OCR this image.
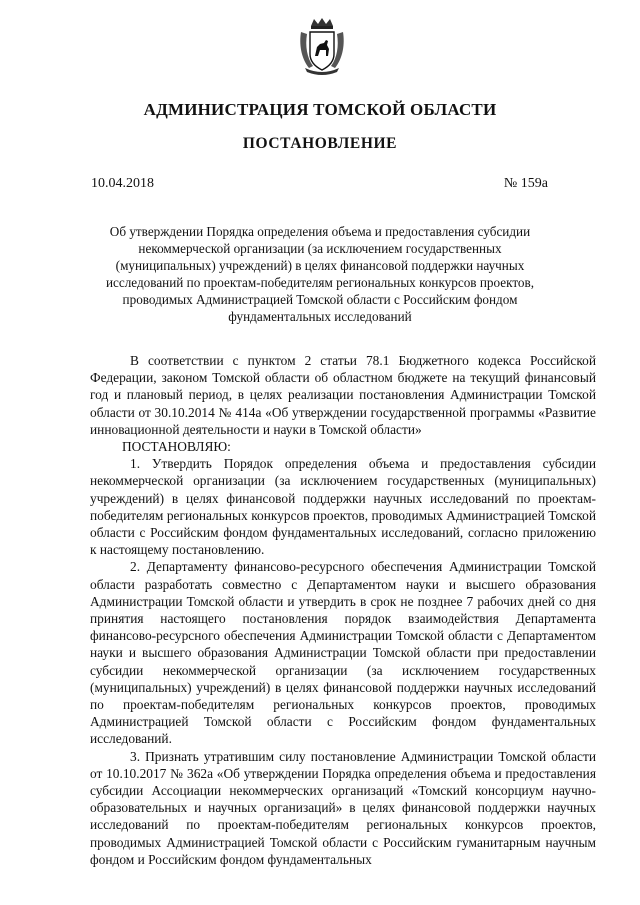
АДМИНИСТРАЦИЯ ТОМСКОЙ ОБЛАСТИ
ПОСТАНОВЛЕНИЕ
10.04.2018	№ 159а
Об утверждении Порядка определения объема и предоставления субсидии некоммерческой организации (за исключением государственных (муниципальных) учреждений) в целях финансовой поддержки научных исследований по проектам-победителям региональных конкурсов проектов, проводимых Администрацией Томской области с Российским фондом фундаментальных исследований

В соответствии с пунктом 2 статьи 78.1 Бюджетного кодекса Российской Федерации, законом Томской области об областном бюджете на текущий финансовый год и плановый период, в целях реализации постановления Администрации Томской области от 30.10.2014 № 414а «Об утверждении государственной программы «Развитие инновационной деятельности и науки в Томской области»

ПОСТАНОВЛЯЮ:

1. Утвердить Порядок определения объема и предоставления субсидии некоммерческой организации (за исключением государственных (муниципальных) учреждений) в целях финансовой поддержки научных исследований по проектам-победителям региональных конкурсов проектов, проводимых Администрацией Томской области с Российским фондом фундаментальных исследований, согласно приложению к настоящему постановлению.

2. Департаменту финансово-ресурсного обеспечения Администрации Томской области разработать совместно с Департаментом науки и высшего образования Администрации Томской области и утвердить в срок не позднее 7 рабочих дней со дня принятия настоящего постановления порядок взаимодействия Департамента финансово-ресурсного обеспечения Администрации Томской области с Департаментом науки и высшего образования Администрации Томской области при предоставлении субсидии некоммерческой организации (за исключением государственных (муниципальных) учреждений) в целях финансовой поддержки научных исследований по проектам-победителям региональных конкурсов проектов, проводимых Администрацией Томской области с Российским фондом фундаментальных исследований.

3. Признать утратившим силу постановление Администрации Томской области от 10.10.2017 № 362а «Об утверждении Порядка определения объема и предоставления субсидии Ассоциации некоммерческих организаций «Томский консорциум научно-образовательных и научных организаций» в целях финансовой поддержки научных исследований по проектам-победителям региональных конкурсов проектов, проводимых Администрацией Томской области с Российским гуманитарным научным фондом и Российским фондом фундаментальных
